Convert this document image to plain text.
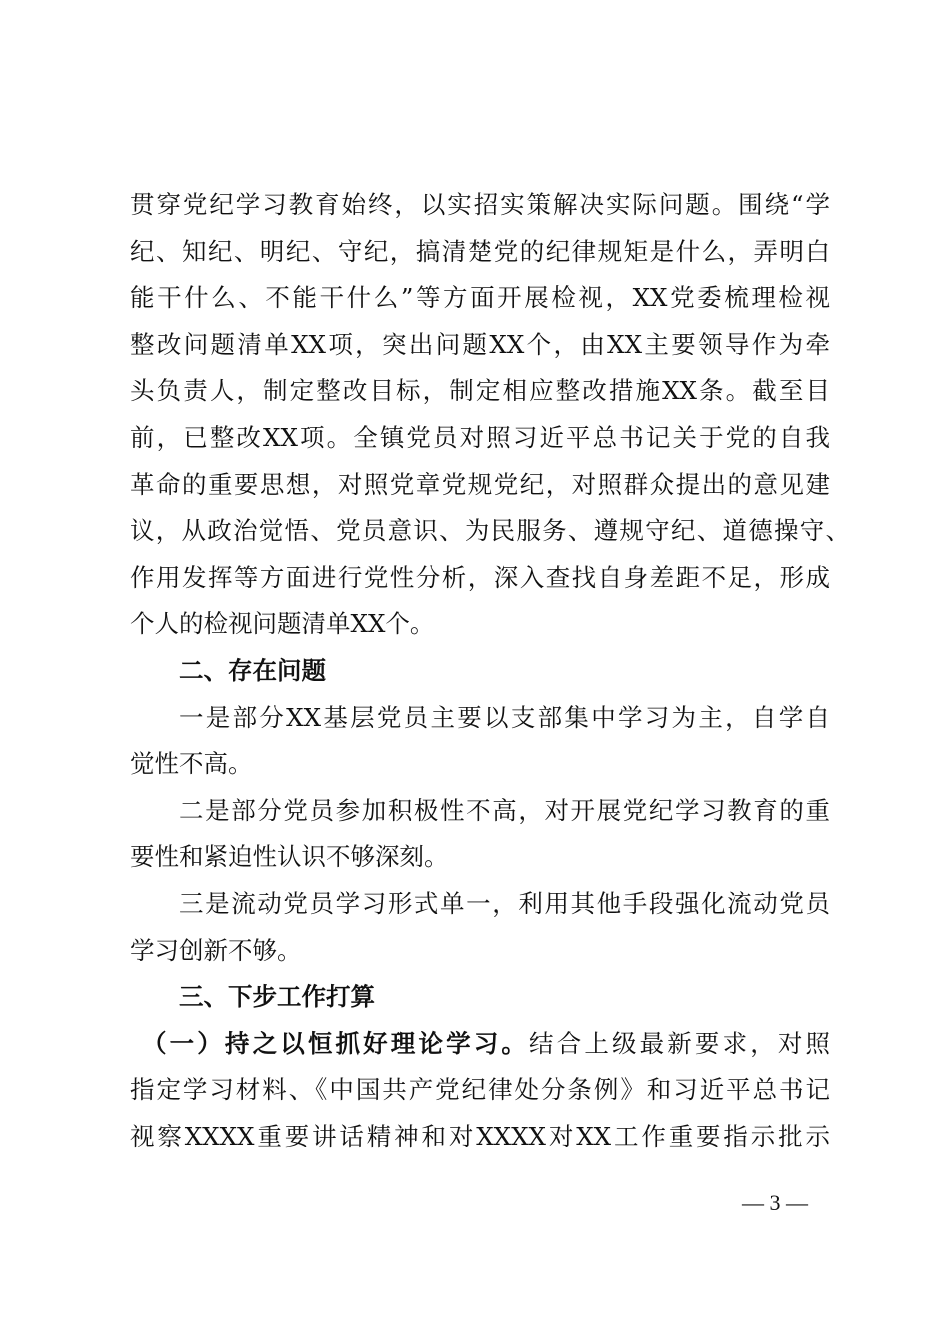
贯穿党纪学习教育始终，以实招实策解决实际问题。围绕“学
纪、知纪、明纪、守纪，搞清楚党的纪律规矩是什么，弄明白
能干什么、不能干什么”等方面开展检视，XX党委梳理检视
整改问题清单XX项，突出问题XX个，由XX主要领导作为牵
头负责人，制定整改目标，制定相应整改措施XX条。截至目
前，已整改XX项。全镇党员对照习近平总书记关于党的自我
革命的重要思想，对照党章党规党纪，对照群众提出的意见建
议，从政治觉悟、党员意识、为民服务、遵规守纪、道德操守、
作用发挥等方面进行党性分析，深入查找自身差距不足，形成
个人的检视问题清单XX个。
二、存在问题
一是部分XX基层党员主要以支部集中学习为主，自学自
觉性不高。
二是部分党员参加积极性不高，对开展党纪学习教育的重
要性和紧迫性认识不够深刻。
三是流动党员学习形式单一，利用其他手段强化流动党员
学习创新不够。
三、下步工作打算
（一）持之以恒抓好理论学习。结合上级最新要求，对照
指定学习材料、《中国共产党纪律处分条例》和习近平总书记
视察XXXX重要讲话精神和对XXXX对XX工作重要指示批示
— 3 —
